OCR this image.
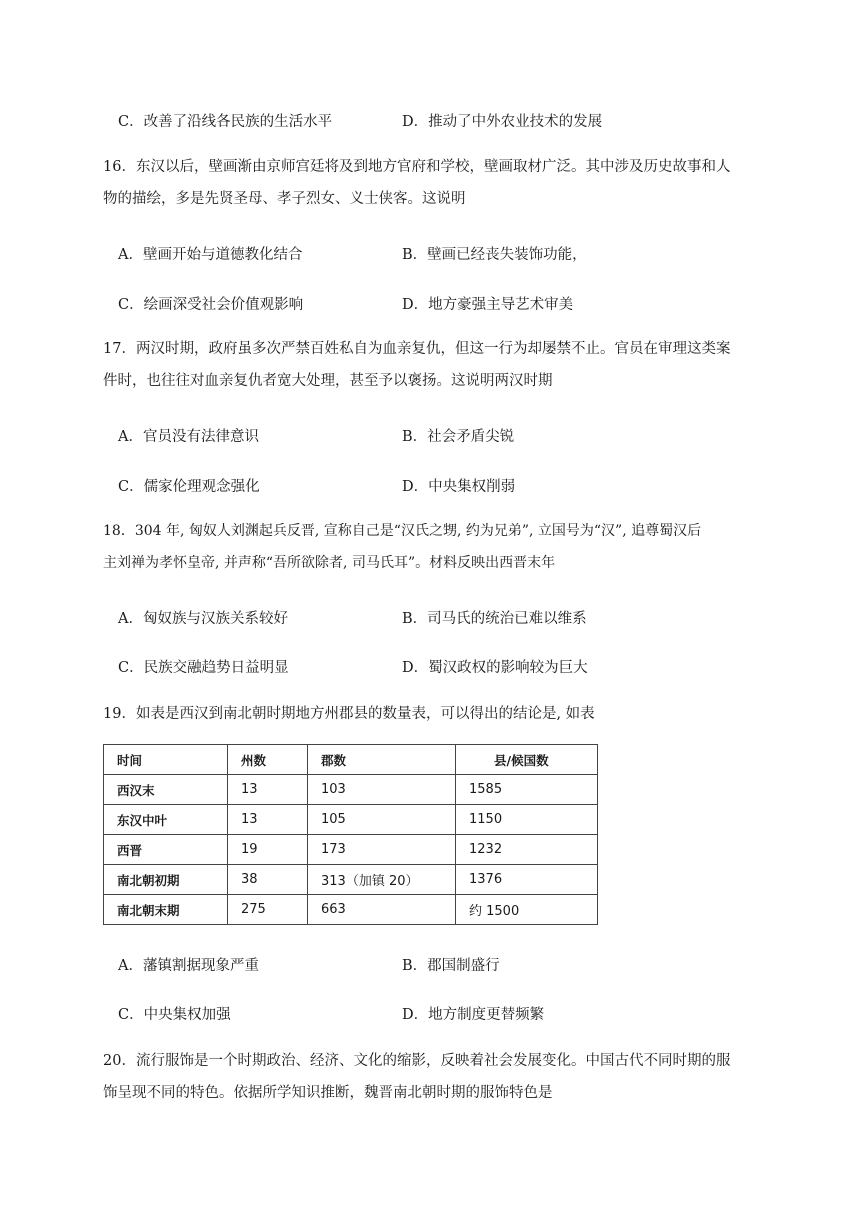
C．改善了沿线各民族的生活水平	D．推动了中外农业技术的发展
16．东汉以后，壁画渐由京师宫廷将及到地方官府和学校，壁画取材广泛。其中涉及历史故事和人
物的描绘，多是先贤圣母、孝子烈女、义士侠客。这说明
A．壁画开始与道德教化结合	B．壁画已经丧失装饰功能，
C．绘画深受社会价值观影响	D．地方豪强主导艺术审美
17．两汉时期，政府虽多次严禁百姓私自为血亲复仇，但这一行为却屡禁不止。官员在审理这类案
件时，也往往对血亲复仇者宽大处理，甚至予以褒扬。这说明两汉时期
A．官员没有法律意识	B．社会矛盾尖锐
C．儒家伦理观念强化	D．中央集权削弱
18．304 年, 匈奴人刘渊起兵反晋, 宣称自己是“汉氏之甥, 约为兄弟”, 立国号为“汉”, 追尊蜀汉后
主刘禅为孝怀皇帝, 并声称“吾所欲除者, 司马氏耳”。材料反映出西晋末年
A．匈奴族与汉族关系较好	B．司马氏的统治已难以维系
C．民族交融趋势日益明显	D．蜀汉政权的影响较为巨大
19．如表是西汉到南北朝时期地方州郡县的数量表，可以得出的结论是, 如表
时间	州数	郡数	县/候国数
西汉末	13	103	1585
东汉中叶	13	105	1150
西晋	19	173	1232
南北朝初期	38	313（加镇 20）	1376
南北朝末期	275	663	约 1500
A．藩镇割据现象严重	B．郡国制盛行
C．中央集权加强	D．地方制度更替频繁
20．流行服饰是一个时期政治、经济、文化的缩影，反映着社会发展变化。中国古代不同时期的服
饰呈现不同的特色。依据所学知识推断，魏晋南北朝时期的服饰特色是
